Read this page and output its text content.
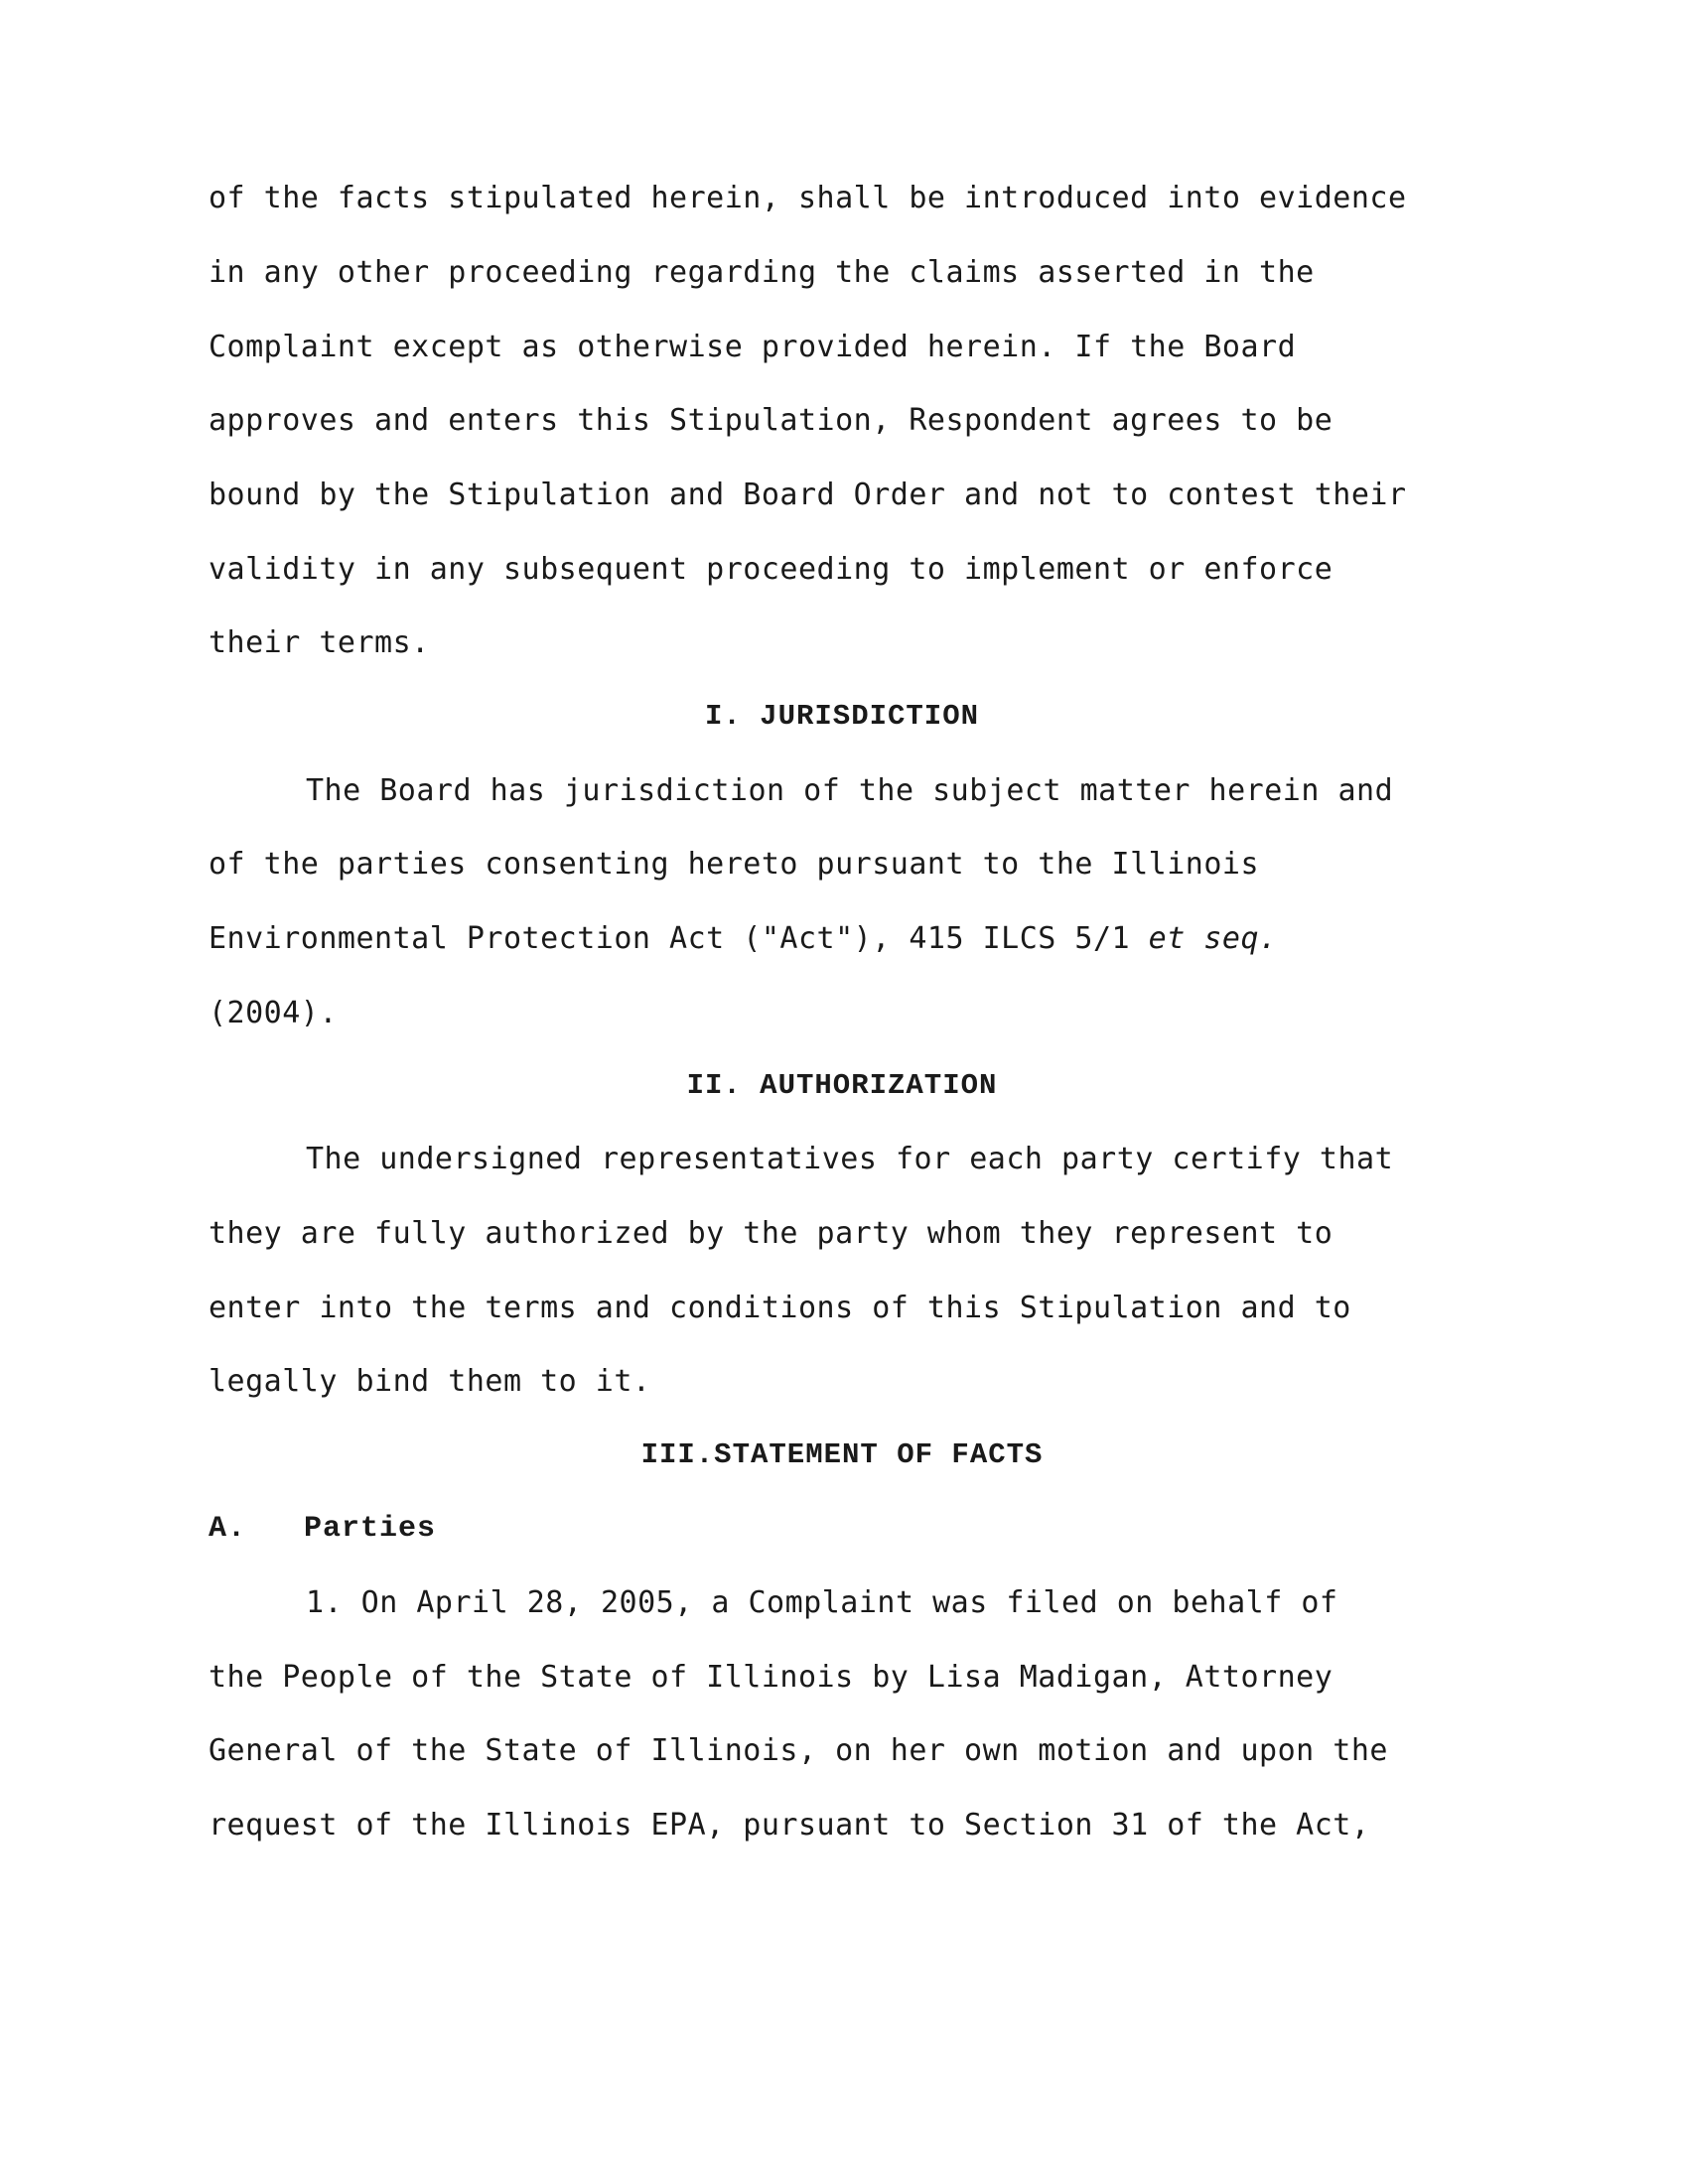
of the facts stipulated herein, shall be introduced into evidence
in any other proceeding regarding the claims asserted in the
Complaint except as otherwise provided herein. If the Board
approves and enters this Stipulation, Respondent agrees to be
bound by the Stipulation and Board Order and not to contest their
validity in any subsequent proceeding to implement or enforce
their terms.
I. JURISDICTION
The Board has jurisdiction of the subject matter herein and
of the parties consenting hereto pursuant to the Illinois
Environmental Protection Act ("Act"), 415 ILCS 5/1 et seq.
(2004).
II. AUTHORIZATION
The undersigned representatives for each party certify that
they are fully authorized by the party whom they represent to
enter into the terms and conditions of this Stipulation and to
legally bind them to it.
III.STATEMENT OF FACTS
A. Parties
1. On April 28, 2005, a Complaint was filed on behalf of
the People of the State of Illinois by Lisa Madigan, Attorney
General of the State of Illinois, on her own motion and upon the
request of the Illinois EPA, pursuant to Section 31 of the Act,
